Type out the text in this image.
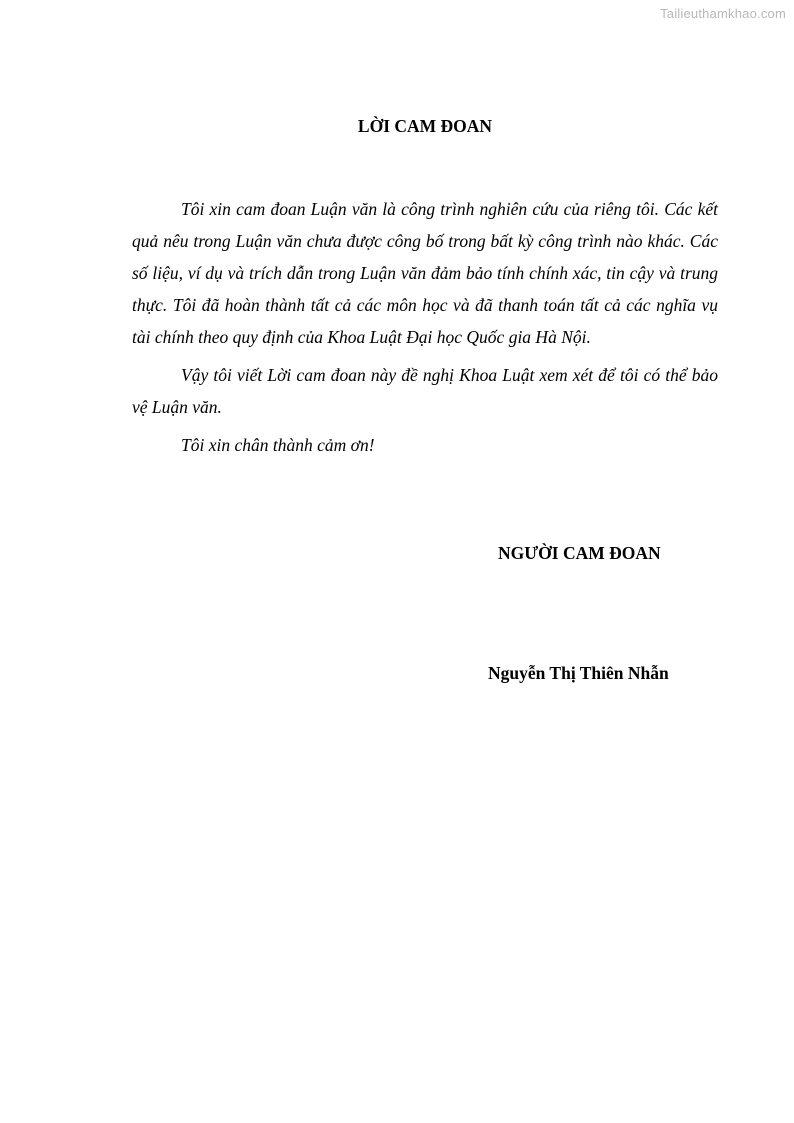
Tailieuthamkhao.com
LỜI CAM ĐOAN

Tôi xin cam đoan Luận văn là công trình nghiên cứu của riêng tôi. Các kết quả nêu trong Luận văn chưa được công bố trong bất kỳ công trình nào khác. Các số liệu, ví dụ và trích dẫn trong Luận văn đảm bảo tính chính xác, tin cậy và trung thực. Tôi đã hoàn thành tất cả các môn học và đã thanh toán tất cả các nghĩa vụ tài chính theo quy định của Khoa Luật Đại học Quốc gia Hà Nội.

Vậy tôi viết Lời cam đoan này đề nghị Khoa Luật xem xét để tôi có thể bảo vệ Luận văn.

Tôi xin chân thành cảm ơn!

NGƯỜI CAM ĐOAN
Nguyễn Thị Thiên Nhẫn
